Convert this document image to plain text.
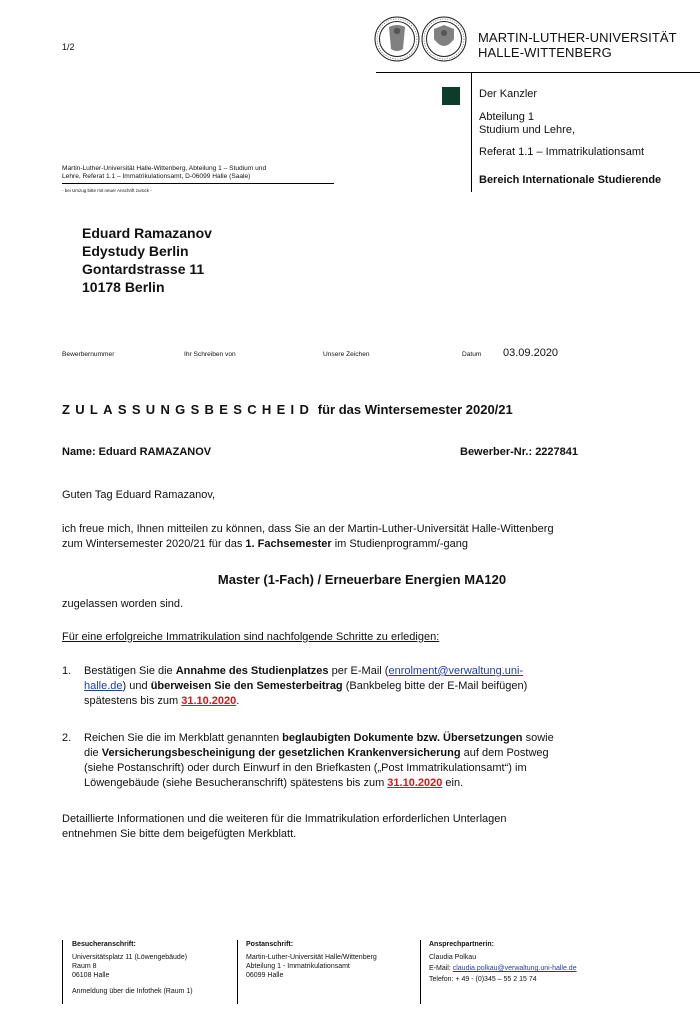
1/2
MARTIN-LUTHER-UNIVERSITÄT
HALLE-WITTENBERG
Der Kanzler
Abteilung 1
Studium und Lehre,
Referat 1.1 – Immatrikulationsamt
Bereich Internationale Studierende
Martin-Luther-Universität Halle-Wittenberg, Abteilung 1 – Studium und
Lehre, Referat 1.1 – Immatrikulationsamt, D-06099 Halle (Saale)
- bei Umzug bitte mit neuer Anschrift zurück -
Eduard Ramazanov
Edystudy Berlin
Gontardstrasse 11
10178 Berlin
Bewerbernummer	Ihr Schreiben von	Unsere Zeichen	Datum 03.09.2020
ZULASSUNGSBESCHEID für das Wintersemester 2020/21
Name: Eduard RAMAZANOV	Bewerber-Nr.: 2227841
Guten Tag Eduard Ramazanov,
ich freue mich, Ihnen mitteilen zu können, dass Sie an der Martin-Luther-Universität Halle-Wittenberg
zum Wintersemester 2020/21 für das 1. Fachsemester im Studienprogramm/-gang
Master (1-Fach) / Erneuerbare Energien MA120
zugelassen worden sind.
Für eine erfolgreiche Immatrikulation sind nachfolgende Schritte zu erledigen:
1. Bestätigen Sie die Annahme des Studienplatzes per E-Mail (enrolment@verwaltung.uni-
halle.de) und überweisen Sie den Semesterbeitrag (Bankbeleg bitte der E-Mail beifügen)
spätestens bis zum 31.10.2020.
2. Reichen Sie die im Merkblatt genannten beglaubigten Dokumente bzw. Übersetzungen sowie
die Versicherungsbescheinigung der gesetzlichen Krankenversicherung auf dem Postweg
(siehe Postanschrift) oder durch Einwurf in den Briefkasten („Post Immatrikulationsamt“) im
Löwengebäude (siehe Besucheranschrift) spätestens bis zum 31.10.2020 ein.
Detaillierte Informationen und die weiteren für die Immatrikulation erforderlichen Unterlagen
entnehmen Sie bitte dem beigefügten Merkblatt.
Besucheranschrift:
Universitätsplatz 11 (Löwengebäude)
Raum 8
06108 Halle
Anmeldung über die Infothek (Raum 1)
Postanschrift:
Martin-Luther-Universität Halle/Wittenberg
Abteilung 1 - Immatrikulationsamt
06099 Halle
Ansprechpartnerin:
Claudia Polkau
E-Mail: claudia.polkau@verwaltung.uni-halle.de
Telefon: + 49 - (0)345 – 55 2 15 74
